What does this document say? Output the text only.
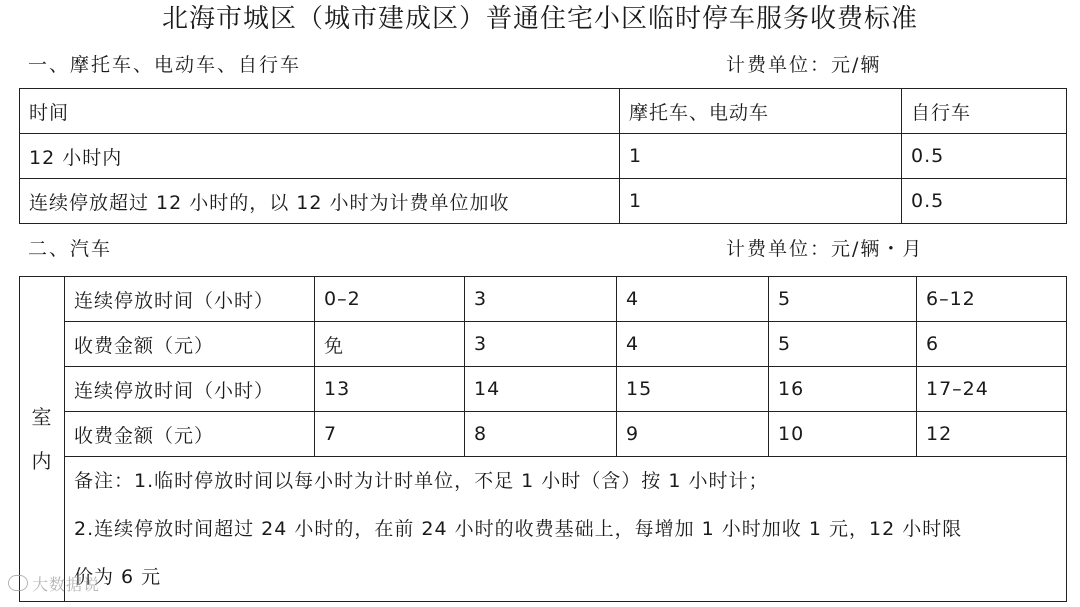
北海市城区（城市建成区）普通住宅小区临时停车服务收费标准
一、摩托车、电动车、自行车	计费单位：元/辆
时间	摩托车、电动车	自行车
12 小时内	1	0.5
连续停放超过 12 小时的，以 12 小时为计费单位加收	1	0.5
二、汽车	计费单位：元/辆・月
室
内	连续停放时间（小时）	0–2	3	4	5	6–12
	收费金额（元）	免	3	4	5	6
	连续停放时间（小时）	13	14	15	16	17–24
	收费金额（元）	7	8	9	10	12

	备注：1.临时停放时间以每小时为计时单位，不足 1 小时（含）按 1 小时计；
2.连续停放时间超过 24 小时的，在前 24 小时的收费基础上，每增加 1 小时加收 1 元，12 小时限
价为 6 元					
大数据说
